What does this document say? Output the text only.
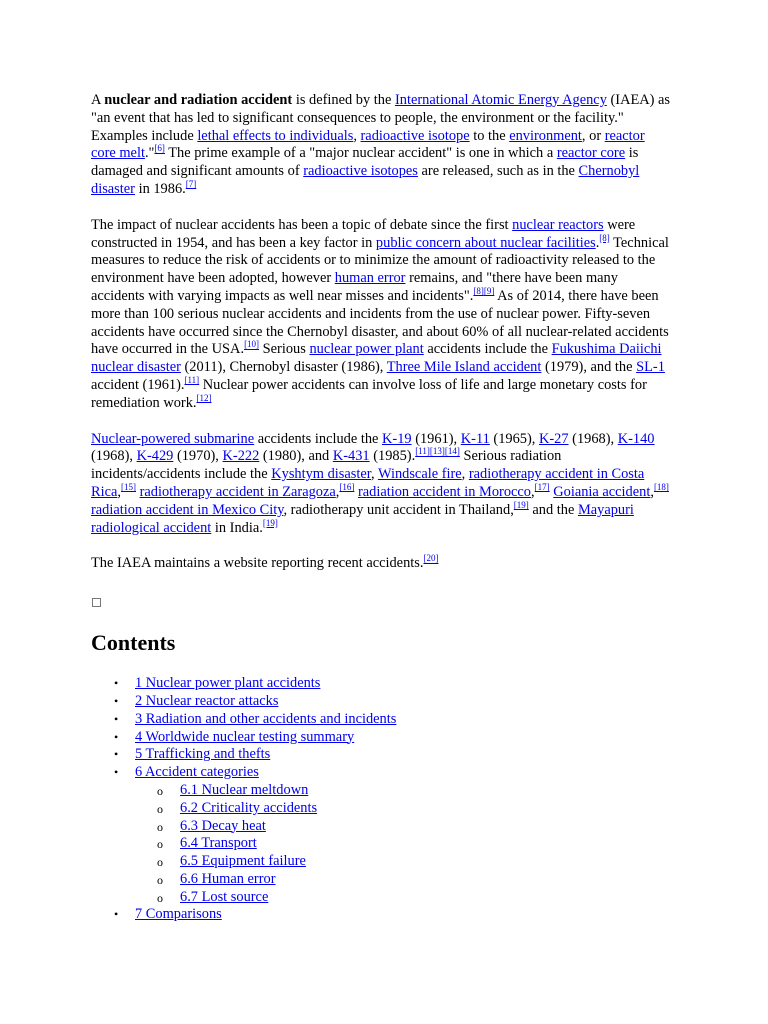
A nuclear and radiation accident is defined by the International Atomic Energy Agency (IAEA) as "an event that has led to significant consequences to people, the environment or the facility." Examples include lethal effects to individuals, radioactive isotope to the environment, or reactor core melt."[6] The prime example of a "major nuclear accident" is one in which a reactor core is damaged and significant amounts of radioactive isotopes are released, such as in the Chernobyl disaster in 1986.[7]

The impact of nuclear accidents has been a topic of debate since the first nuclear reactors were constructed in 1954, and has been a key factor in public concern about nuclear facilities.[8] Technical measures to reduce the risk of accidents or to minimize the amount of radioactivity released to the environment have been adopted, however human error remains, and "there have been many accidents with varying impacts as well near misses and incidents".[8][9] As of 2014, there have been more than 100 serious nuclear accidents and incidents from the use of nuclear power. Fifty-seven accidents have occurred since the Chernobyl disaster, and about 60% of all nuclear-related accidents have occurred in the USA.[10] Serious nuclear power plant accidents include the Fukushima Daiichi nuclear disaster (2011), Chernobyl disaster (1986), Three Mile Island accident (1979), and the SL-1 accident (1961).[11] Nuclear power accidents can involve loss of life and large monetary costs for remediation work.[12]

Nuclear-powered submarine accidents include the K-19 (1961), K-11 (1965), K-27 (1968), K-140 (1968), K-429 (1970), K-222 (1980), and K-431 (1985).[11][13][14] Serious radiation incidents/accidents include the Kyshtym disaster, Windscale fire, radiotherapy accident in Costa Rica,[15] radiotherapy accident in Zaragoza,[16] radiation accident in Morocco,[17] Goiania accident,[18] radiation accident in Mexico City, radiotherapy unit accident in Thailand,[19] and the Mayapuri radiological accident in India.[19]

The IAEA maintains a website reporting recent accidents.[20]

Contents
• 1 Nuclear power plant accidents
• 2 Nuclear reactor attacks
• 3 Radiation and other accidents and incidents
• 4 Worldwide nuclear testing summary
• 5 Trafficking and thefts
• 6 Accident categories
o 6.1 Nuclear meltdown
o 6.2 Criticality accidents
o 6.3 Decay heat
o 6.4 Transport
o 6.5 Equipment failure
o 6.6 Human error
o 6.7 Lost source
• 7 Comparisons
